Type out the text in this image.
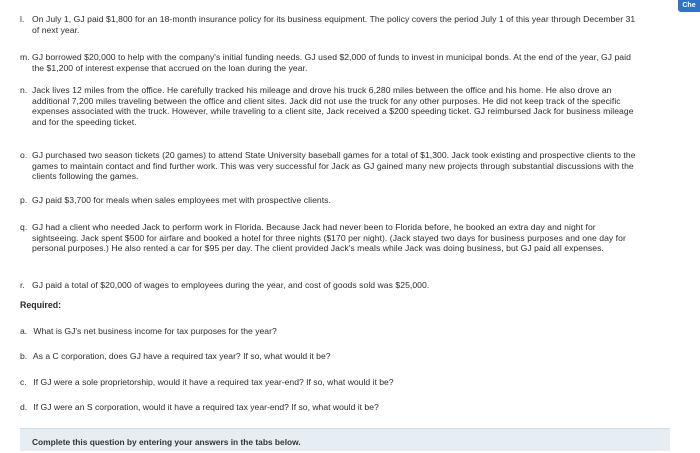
Che
l. On July 1, GJ paid $1,800 for an 18-month insurance policy for its business equipment. The policy covers the period July 1 of this year through December 31 of next year.
m. GJ borrowed $20,000 to help with the company's initial funding needs. GJ used $2,000 of funds to invest in municipal bonds. At the end of the year, GJ paid the $1,200 of interest expense that accrued on the loan during the year.
n. Jack lives 12 miles from the office. He carefully tracked his mileage and drove his truck 6,280 miles between the office and his home. He also drove an additional 7,200 miles traveling between the office and client sites. Jack did not use the truck for any other purposes. He did not keep track of the specific expenses associated with the truck. However, while traveling to a client site, Jack received a $200 speeding ticket. GJ reimbursed Jack for business mileage and for the speeding ticket.
o. GJ purchased two season tickets (20 games) to attend State University baseball games for a total of $1,300. Jack took existing and prospective clients to the games to maintain contact and find further work. This was very successful for Jack as GJ gained many new projects through substantial discussions with the clients following the games.
p. GJ paid $3,700 for meals when sales employees met with prospective clients.
q. GJ had a client who needed Jack to perform work in Florida. Because Jack had never been to Florida before, he booked an extra day and night for sightseeing. Jack spent $500 for airfare and booked a hotel for three nights ($170 per night). (Jack stayed two days for business purposes and one day for personal purposes.) He also rented a car for $95 per day. The client provided Jack's meals while Jack was doing business, but GJ paid all expenses.
r. GJ paid a total of $20,000 of wages to employees during the year, and cost of goods sold was $25,000.
Required:
a. What is GJ's net business income for tax purposes for the year?
b. As a C corporation, does GJ have a required tax year? If so, what would it be?
c. If GJ were a sole proprietorship, would it have a required tax year-end? If so, what would it be?
d. If GJ were an S corporation, would it have a required tax year-end? If so, what would it be?
Complete this question by entering your answers in the tabs below.
